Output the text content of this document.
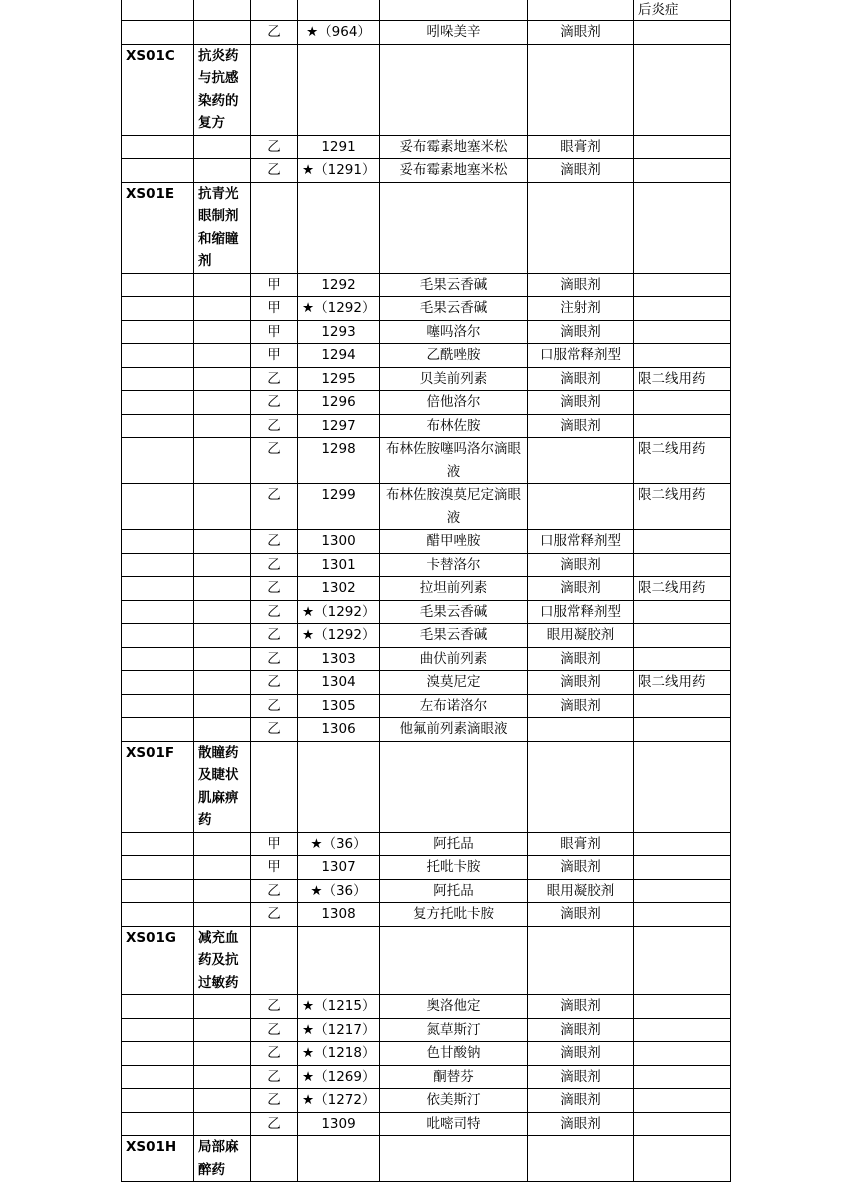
						后炎症
		乙	★（964）	吲哚美辛	滴眼剂	
XS01C	抗炎药与抗感染药的复方					
		乙	1291	妥布霉素地塞米松	眼膏剂	
		乙	★（1291）	妥布霉素地塞米松	滴眼剂	
XS01E	抗青光眼制剂和缩瞳剂					
		甲	1292	毛果云香碱	滴眼剂	
		甲	★（1292）	毛果云香碱	注射剂	
		甲	1293	噻吗洛尔	滴眼剂	
		甲	1294	乙酰唑胺	口服常释剂型	
		乙	1295	贝美前列素	滴眼剂	限二线用药
		乙	1296	倍他洛尔	滴眼剂	
		乙	1297	布林佐胺	滴眼剂	
		乙	1298	布林佐胺噻吗洛尔滴眼液		限二线用药
		乙	1299	布林佐胺溴莫尼定滴眼液		限二线用药
		乙	1300	醋甲唑胺	口服常释剂型	
		乙	1301	卡替洛尔	滴眼剂	
		乙	1302	拉坦前列素	滴眼剂	限二线用药
		乙	★（1292）	毛果云香碱	口服常释剂型	
		乙	★（1292）	毛果云香碱	眼用凝胶剂	
		乙	1303	曲伏前列素	滴眼剂	
		乙	1304	溴莫尼定	滴眼剂	限二线用药
		乙	1305	左布诺洛尔	滴眼剂	
		乙	1306	他氟前列素滴眼液		
XS01F	散瞳药及睫状肌麻痹药					
		甲	★（36）	阿托品	眼膏剂	
		甲	1307	托吡卡胺	滴眼剂	
		乙	★（36）	阿托品	眼用凝胶剂	
		乙	1308	复方托吡卡胺	滴眼剂	
XS01G	减充血药及抗过敏药					
		乙	★（1215）	奥洛他定	滴眼剂	
		乙	★（1217）	氮草斯汀	滴眼剂	
		乙	★（1218）	色甘酸钠	滴眼剂	
		乙	★（1269）	酮替芬	滴眼剂	
		乙	★（1272）	依美斯汀	滴眼剂	
		乙	1309	吡嘧司特	滴眼剂	
XS01H	局部麻醉药					
